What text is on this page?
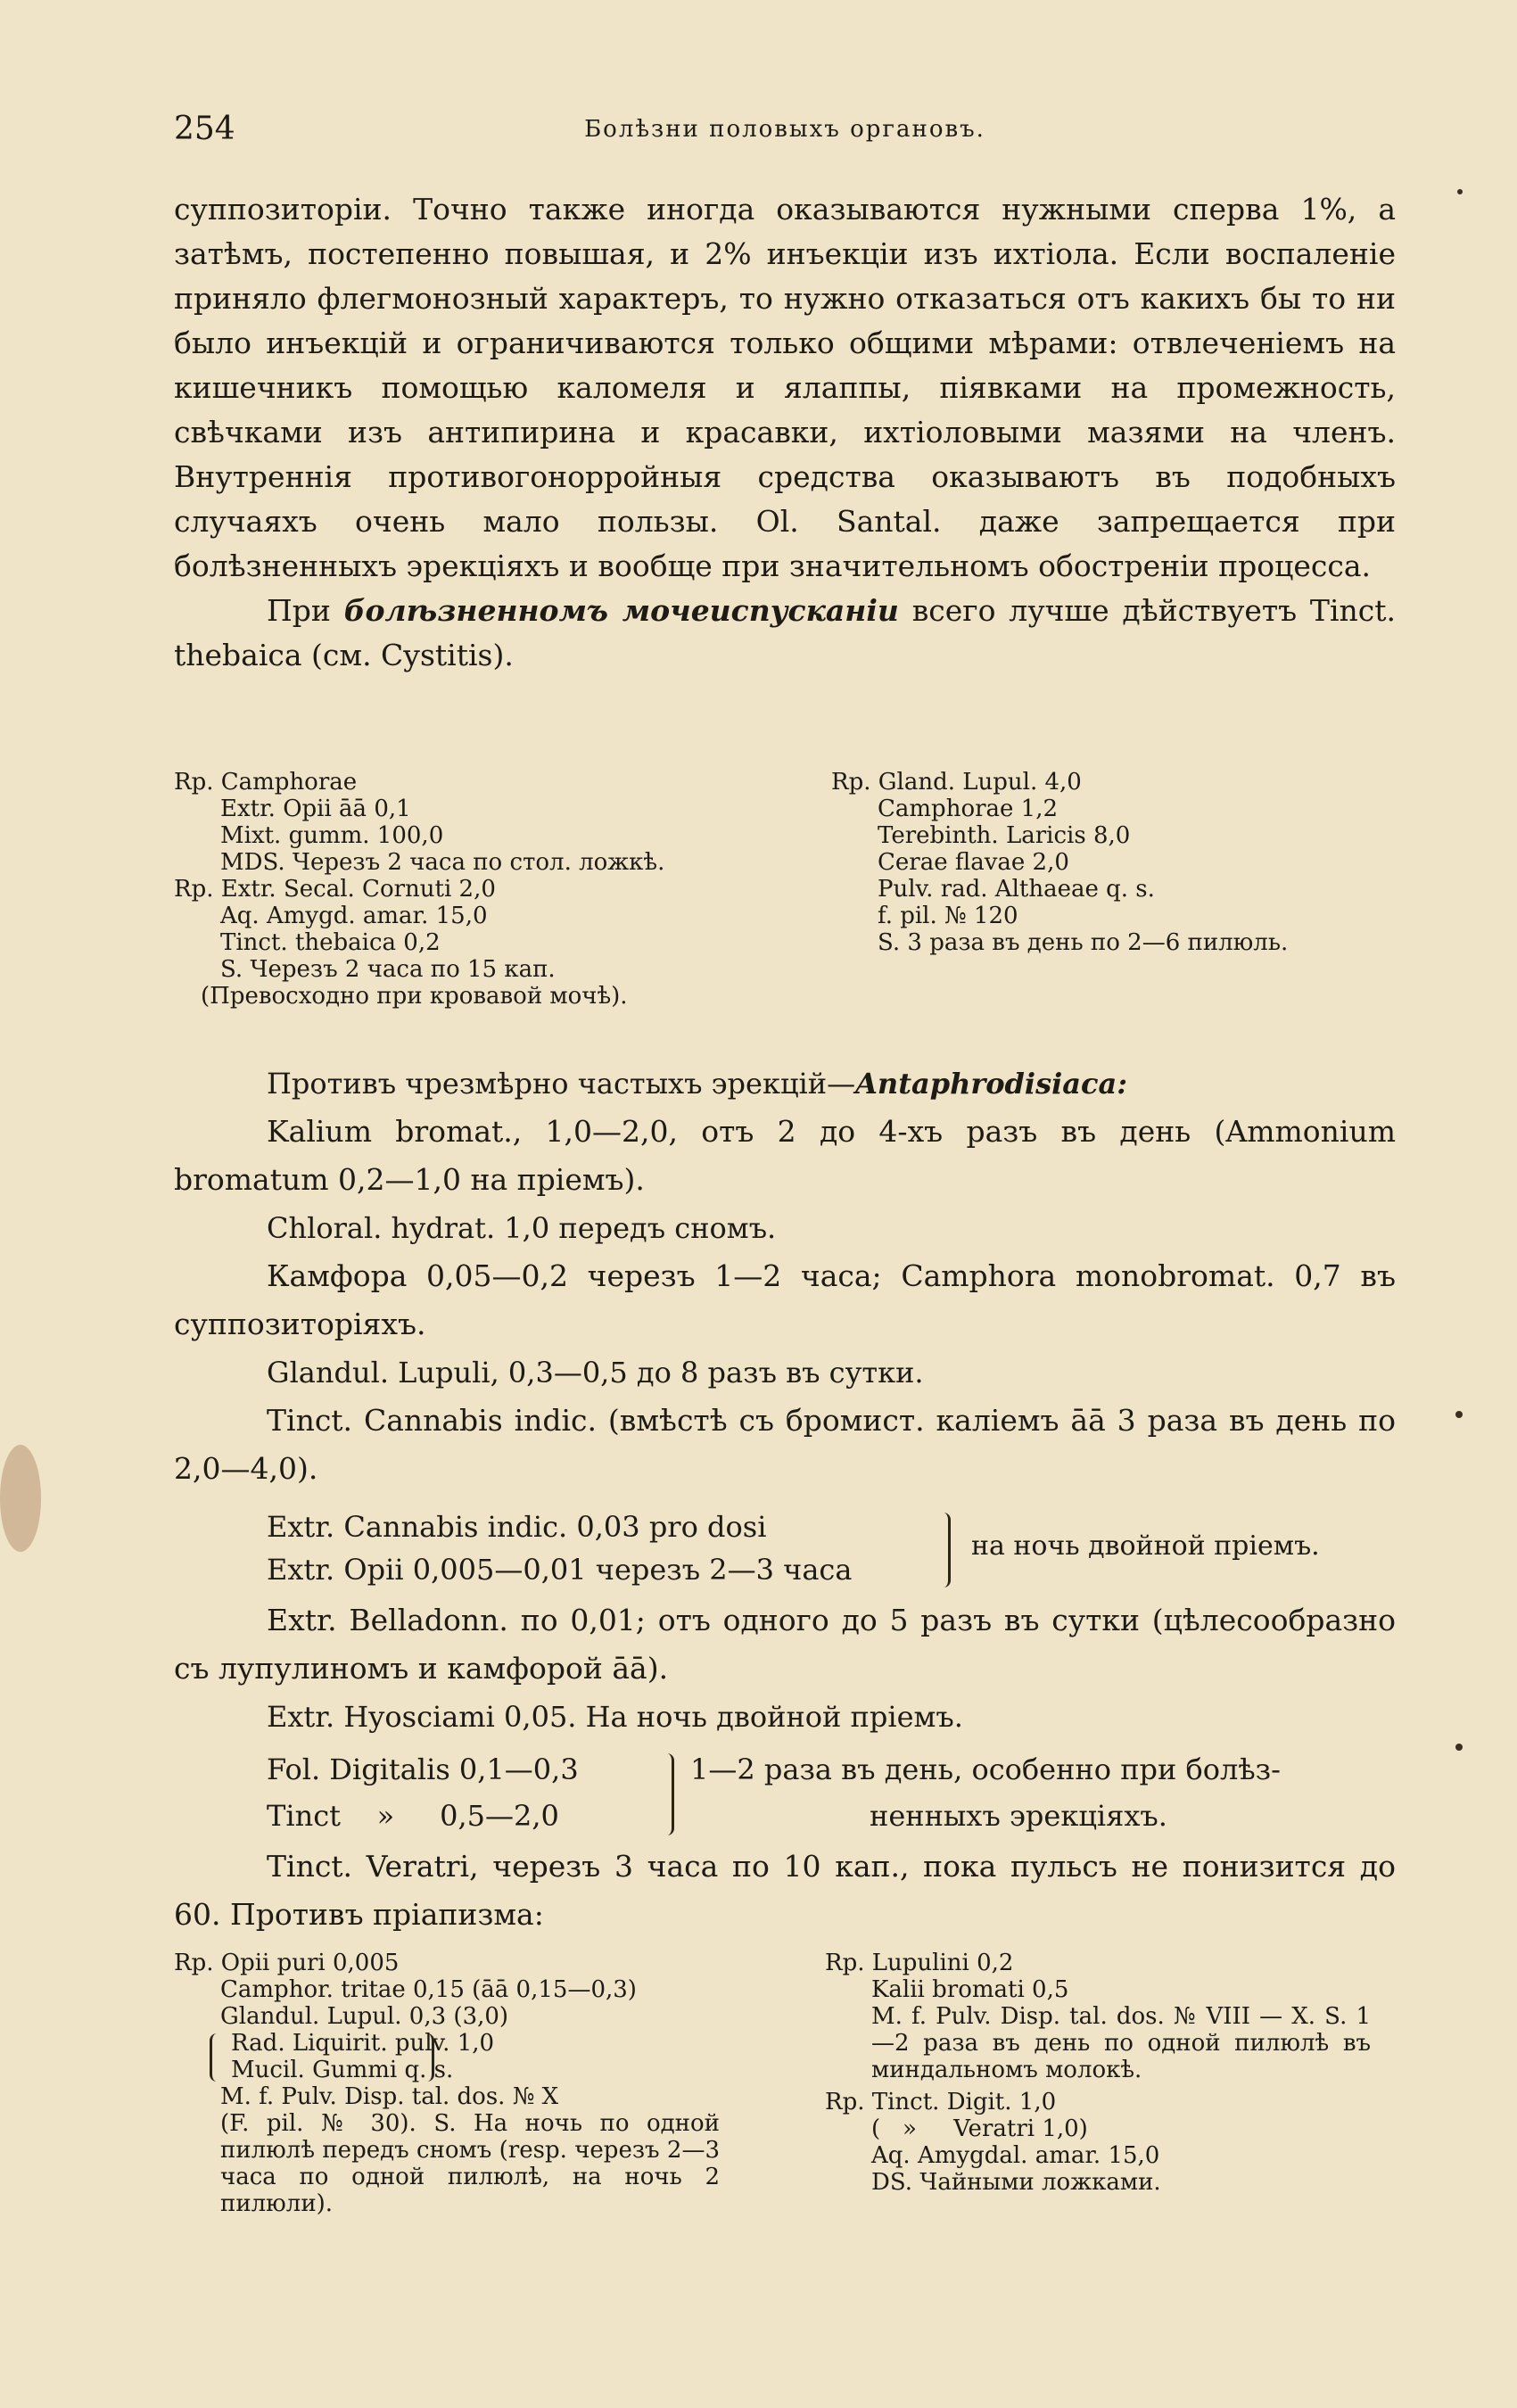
254	Болѣзни половыхъ органовъ.

суппозиторіи. Точно также иногда оказываются нужными сперва 1%, а затѣмъ, постепенно повышая, и 2% инъекціи изъ ихтіола. Если воспаленіе приняло флегмонозный характеръ, то нужно отказаться отъ какихъ бы то ни было инъекцій и ограничиваются только общими мѣрами: отвлеченіемъ на кишечникъ помощью каломеля и ялаппы, піявками на промежность, свѣчками изъ антипирина и красавки, ихтіоловыми мазями на членъ. Внутреннія противогонорройныя средства оказываютъ въ подобныхъ случаяхъ очень мало пользы. Ol. Santal. даже запрещается при болѣзненныхъ эрекціяхъ и вообще при значительномъ обостреніи процесса.

При болѣзненномъ мочеиспусканіи всего лучше дѣйствуетъ Tinct. thebaica (см. Cystitis).

Rp. Camphorae
Extr. Opii āā 0,1
Mixt. gumm. 100,0
MDS. Черезъ 2 часа по стол. ложкѣ.
Rp. Extr. Secal. Cornuti 2,0
Aq. Amygd. amar. 15,0
Tinct. thebaica 0,2
S. Черезъ 2 часа по 15 кап.
(Превосходно при кровавой мочѣ).
Rp. Gland. Lupul. 4,0
Camphorae 1,2
Terebinth. Laricis 8,0
Cerae flavae 2,0
Pulv. rad. Althaeae q. s.
f. pil. № 120
S. 3 раза въ день по 2—6 пилюль.
Противъ чрезмѣрно частыхъ эрекцій—Antaphrodisiaca:

Kalium bromat., 1,0—2,0, отъ 2 до 4-хъ разъ въ день (Ammonium bromatum 0,2—1,0 на пріемъ).

Chloral. hydrat. 1,0 передъ сномъ.

Камфора 0,05—0,2 черезъ 1—2 часа; Camphora monobromat. 0,7 въ суппозиторіяхъ.

Glandul. Lupuli, 0,3—0,5 до 8 разъ въ сутки.

Tinct. Cannabis indic. (вмѣстѣ съ бромист. каліемъ āā 3 раза въ день по 2,0—4,0).

Extr. Cannabis indic. 0,03 pro dosi
Extr. Opii 0,005—0,01 черезъ 2—3 часа
на ночь двойной пріемъ.

Extr. Belladonn. по 0,01; отъ одного до 5 разъ въ сутки (цѣлесообразно съ лупулиномъ и камфорой āā).

Extr. Hyosciami 0,05. На ночь двойной пріемъ.
Fol. Digitalis 0,1—0,3
Tinct    »     0,5—2,0
1—2 раза въ день, особенно при болѣз-
ненныхъ эрекціяхъ.

Tinct. Veratri, черезъ 3 часа по 10 кап., пока пульсъ не понизится до 60. Противъ пріапизма:

Rp. Opii puri 0,005
Camphor. tritae 0,15 (āā 0,15—0,3)
Glandul. Lupul. 0,3 (3,0)
Rad. Liquirit. pulv. 1,0
Mucil. Gummi q. s.
M. f. Pulv. Disp. tal. dos. № X
(F. pil. № 30). S. На ночь по одной пилюлѣ передъ сномъ (resp. черезъ 2—3 часа по одной пилюлѣ, на ночь 2 пилюли).
Rp. Lupulini 0,2
Kalii bromati 0,5
M. f. Pulv. Disp. tal. dos. № VIII — X. S. 1—2 раза въ день по одной пилюлѣ въ миндальномъ молокѣ.
Rp. Tinct. Digit. 1,0
(   »     Veratri 1,0)
Aq. Amygdal. amar. 15,0
DS. Чайными ложками.
